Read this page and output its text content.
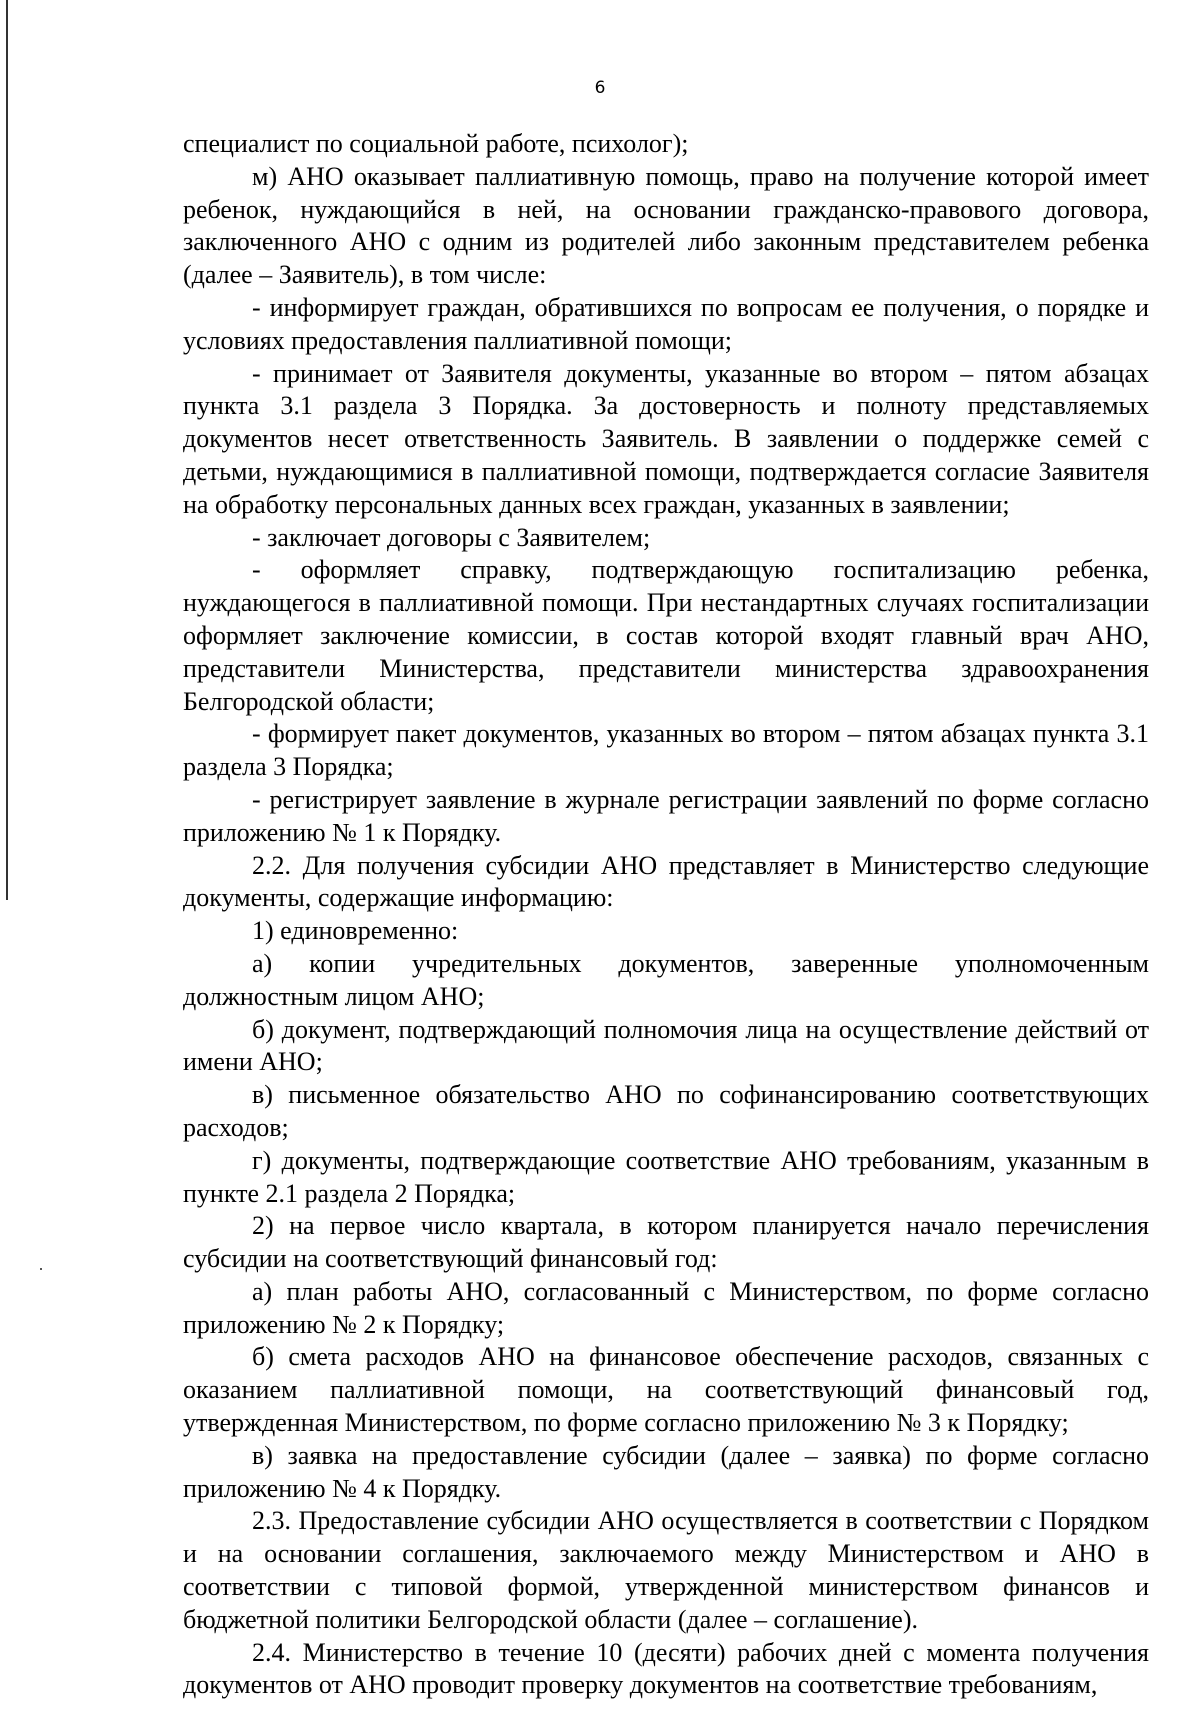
6

специалист по социальной работе, психолог);

м) АНО оказывает паллиативную помощь, право на получение которой имеет ребенок, нуждающийся в ней, на основании гражданско-правового договора, заключенного АНО с одним из родителей либо законным представителем ребенка (далее – Заявитель), в том числе:

- информирует граждан, обратившихся по вопросам ее получения, о порядке и условиях предоставления паллиативной помощи;

- принимает от Заявителя документы, указанные во втором – пятом абзацах пункта 3.1 раздела 3 Порядка. За достоверность и полноту представляемых документов несет ответственность Заявитель. В заявлении о поддержке семей с детьми, нуждающимися в паллиативной помощи, подтверждается согласие Заявителя на обработку персональных данных всех граждан, указанных в заявлении;

- заключает договоры с Заявителем;

- оформляет справку, подтверждающую госпитализацию ребенка, нуждающегося в паллиативной помощи. При нестандартных случаях госпитализации оформляет заключение комиссии, в состав которой входят главный врач АНО, представители Министерства, представители министерства здравоохранения Белгородской области;

- формирует пакет документов, указанных во втором – пятом абзацах пункта 3.1 раздела 3 Порядка;

- регистрирует заявление в журнале регистрации заявлений по форме согласно приложению № 1 к Порядку.

2.2. Для получения субсидии АНО представляет в Министерство следующие документы, содержащие информацию:

1) единовременно:

а) копии учредительных документов, заверенные уполномоченным должностным лицом АНО;

б) документ, подтверждающий полномочия лица на осуществление действий от имени АНО;

в) письменное обязательство АНО по софинансированию соответствующих расходов;

г) документы, подтверждающие соответствие АНО требованиям, указанным в пункте 2.1 раздела 2 Порядка;

2) на первое число квартала, в котором планируется начало перечисления субсидии на соответствующий финансовый год:

а) план работы АНО, согласованный с Министерством, по форме согласно приложению № 2 к Порядку;

б) смета расходов АНО на финансовое обеспечение расходов, связанных с оказанием паллиативной помощи, на соответствующий финансовый год, утвержденная Министерством, по форме согласно приложению № 3 к Порядку;

в) заявка на предоставление субсидии (далее – заявка) по форме согласно приложению № 4 к Порядку.

2.3. Предоставление субсидии АНО осуществляется в соответствии с Порядком и на основании соглашения, заключаемого между Министерством и АНО в соответствии с типовой формой, утвержденной министерством финансов и бюджетной политики Белгородской области (далее – соглашение).

2.4. Министерство в течение 10 (десяти) рабочих дней с момента получения документов от АНО проводит проверку документов на соответствие требованиям,
